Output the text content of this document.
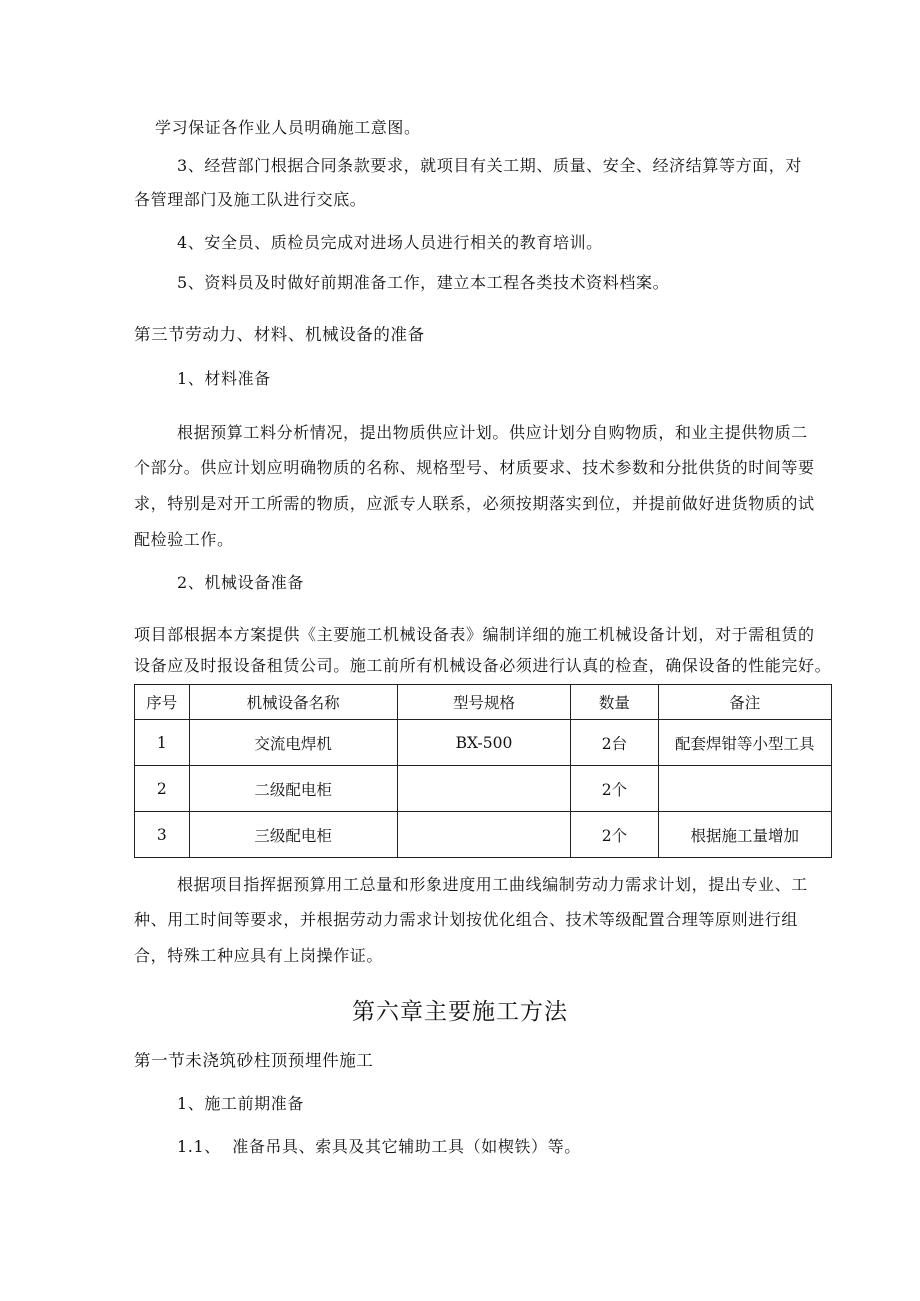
学习保证各作业人员明确施工意图。
3、经营部门根据合同条款要求，就项目有关工期、质量、安全、经济结算等方面，对
各管理部门及施工队进行交底。
4、安全员、质检员完成对进场人员进行相关的教育培训。
5、资料员及时做好前期准备工作，建立本工程各类技术资料档案。
第三节劳动力、材料、机械设备的准备
1、材料准备
根据预算工料分析情况，提出物质供应计划。供应计划分自购物质，和业主提供物质二
个部分。供应计划应明确物质的名称、规格型号、材质要求、技术参数和分批供货的时间等要
求，特别是对开工所需的物质，应派专人联系，必须按期落实到位，并提前做好进货物质的试
配检验工作。
2、机械设备准备
项目部根据本方案提供《主要施工机械设备表》编制详细的施工机械设备计划，对于需租赁的
设备应及时报设备租赁公司。施工前所有机械设备必须进行认真的检查，确保设备的性能完好。
序号	机械设备名称	型号规格	数量	备注
1	交流电焊机	BX-500	2台	配套焊钳等小型工具
2	二级配电柜		2个	
3	三级配电柜		2个	根据施工量增加
根据项目指挥据预算用工总量和形象进度用工曲线编制劳动力需求计划，提出专业、工
种、用工时间等要求，并根据劳动力需求计划按优化组合、技术等级配置合理等原则进行组
合，特殊工种应具有上岗操作证。
第六章主要施工方法
第一节未浇筑砂柱顶预埋件施工
1、施工前期准备
1.1、  准备吊具、索具及其它辅助工具（如楔铁）等。
